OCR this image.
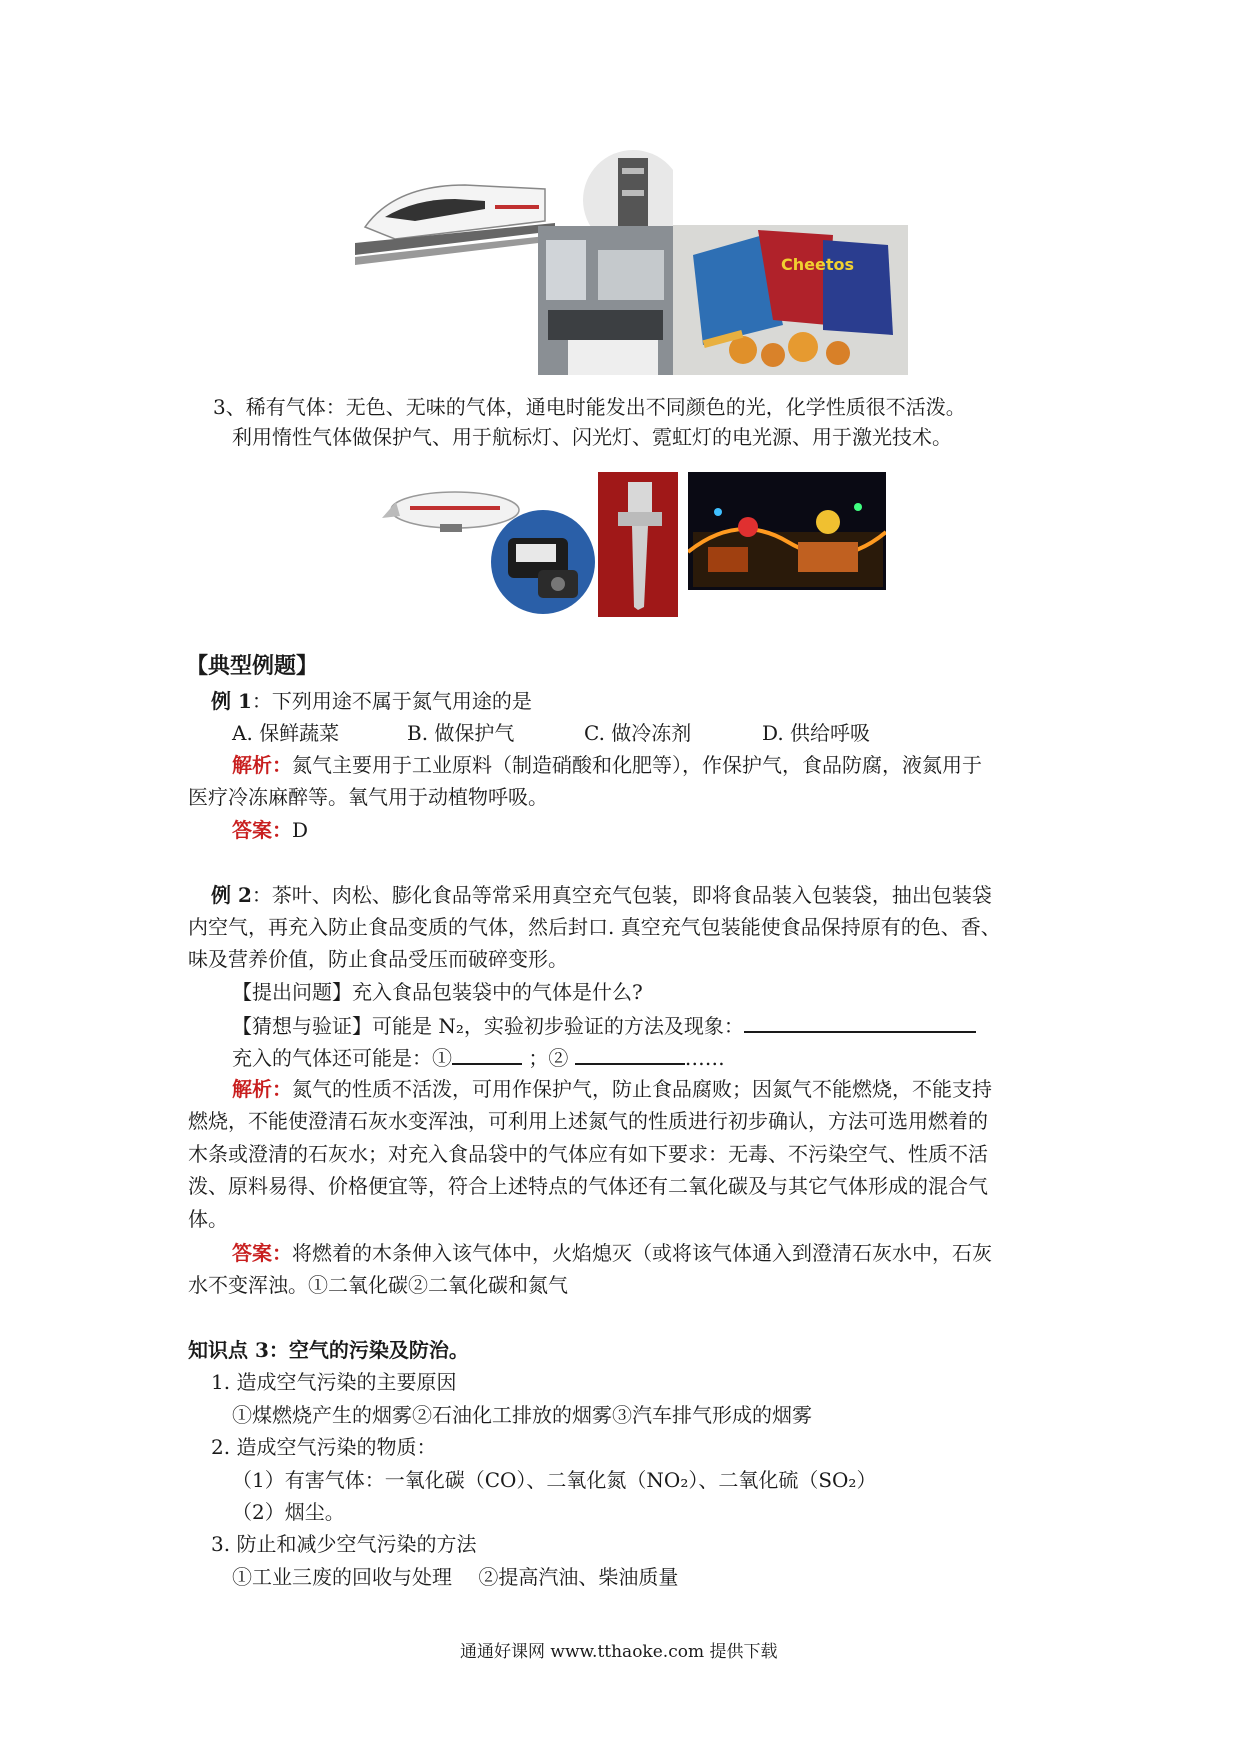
Cheetos
3、稀有气体：无色、无味的气体，通电时能发出不同颜色的光，化学性质很不活泼。
利用惰性气体做保护气、用于航标灯、闪光灯、霓虹灯的电光源、用于激光技术。
【典型例题】
例 1：下列用途不属于氮气用途的是
A. 保鲜蔬菜	B. 做保护气	C. 做冷冻剂	D. 供给呼吸
解析：氮气主要用于工业原料（制造硝酸和化肥等），作保护气，食品防腐，液氮用于
医疗冷冻麻醉等。氧气用于动植物呼吸。
答案：D
例 2：茶叶、肉松、膨化食品等常采用真空充气包装，即将食品装入包装袋，抽出包装袋
内空气，再充入防止食品变质的气体，然后封口. 真空充气包装能使食品保持原有的色、香、
味及营养价值，防止食品受压而破碎变形。
【提出问题】充入食品包装袋中的气体是什么?
【猜想与验证】可能是 N₂，实验初步验证的方法及现象：
充入的气体还可能是：①	；②	……
解析：氮气的性质不活泼，可用作保护气，防止食品腐败；因氮气不能燃烧，不能支持
燃烧，不能使澄清石灰水变浑浊，可利用上述氮气的性质进行初步确认，方法可选用燃着的
木条或澄清的石灰水；对充入食品袋中的气体应有如下要求：无毒、不污染空气、性质不活
泼、原料易得、价格便宜等，符合上述特点的气体还有二氧化碳及与其它气体形成的混合气
体。
答案：将燃着的木条伸入该气体中，火焰熄灭（或将该气体通入到澄清石灰水中，石灰
水不变浑浊。①二氧化碳②二氧化碳和氮气
知识点 3：空气的污染及防治。
1. 造成空气污染的主要原因
①煤燃烧产生的烟雾②石油化工排放的烟雾③汽车排气形成的烟雾
2. 造成空气污染的物质：
（1）有害气体：一氧化碳（CO）、二氧化氮（NO₂）、二氧化硫（SO₂）
（2）烟尘。
3. 防止和减少空气污染的方法
①工业三废的回收与处理　 ②提高汽油、柴油质量
通通好课网 www.tthaoke.com 提供下载
